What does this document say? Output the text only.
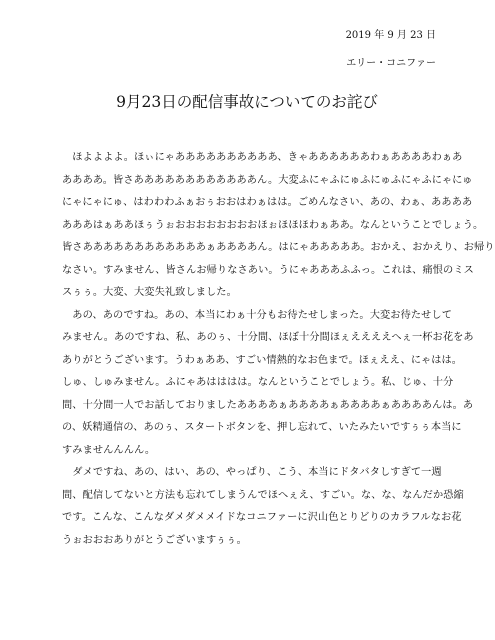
2019 年 9 月 23 日
エリー・コニファー
9月23日の配信事故についてのお詫び
　ほよよよよ。ほぃにゃああああああああああ、きゃああああああわぁああああわぁあ
ああああ。皆さああああああああああああん。大変ふにゃふにゅふにゅふにゃふにゃにゅ
にゃにゃにゅ、はわわわふぁおぅおおはわぁはは。ごめんなさい、あの、わぁ、ああああ
あああはぁああほぅうぉおおおおおおおおほぉほほほわぁああ。なんということでしょう。
皆さああああああああああああぁああああん。はにゃあああああ。おかえ、おかえり、お帰り
なさい。すみません、皆さんお帰りなさあい。うにゃあああふふっ。これは、痛恨のミス
スぅぅ。大変、大変失礼致しました。
　あの、あのですね。あの、本当にわぁ十分もお待たせしまった。大変お待たせして
みません。あのですね、私、あのぅ、十分間、ほぼ十分間ほぇええええへぇ一杯お花をあ
ありがとうございます。うわぁああ、すごい情熱的なお色まで。ほぇええ、にゃはは。
しゅ、しゅみません。ふにゃあはははは。なんということでしょう。私、じゅ、十分
間、十分間一人でお話しておりましたああああぁああああぁああああぁああああんは。あ
の、妖精通信の、あのぅ、スタートボタンを、押し忘れて、いたみたいですぅぅ本当に
すみませんんんん。
　ダメですね、あの、はい、あの、やっぱり、こう、本当にドタバタしすぎて一週
間、配信してないと方法も忘れてしまうんでほへぇえ、すごい。な、な、なんだか恐縮
です。こんな、こんなダメダメメイドなコニファーに沢山色とりどりのカラフルなお花
うぉおおおありがとうございますぅぅ。
